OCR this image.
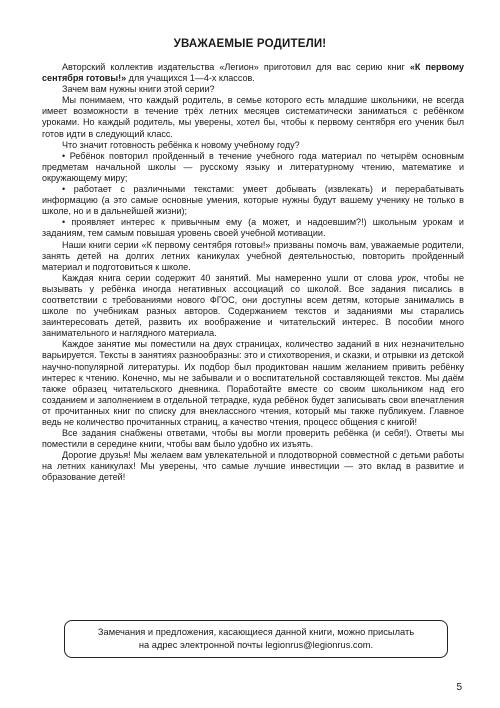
УВАЖАЕМЫЕ РОДИТЕЛИ!

Авторский коллектив издательства «Легион» приготовил для вас серию книг «К первому сентября готовы!» для учащихся 1—4-х классов.

Зачем вам нужны книги этой серии?

Мы понимаем, что каждый родитель, в семье которого есть младшие школьники, не всегда имеет возможности в течение трёх летних месяцев систематически заниматься с ребёнком уроками. Но каждый родитель, мы уверены, хотел бы, чтобы к первому сентября его ученик был готов идти в следующий класс.

Что значит готовность ребёнка к новому учебному году?

• Ребёнок повторил пройденный в течение учебного года материал по четырём основным предметам начальной школы — русскому языку и литературному чтению, математике и окружающему миру;

• работает с различными текстами: умеет добывать (извлекать) и перерабатывать информацию (а это самые основные умения, которые нужны будут вашему ученику не только в школе, но и в дальнейшей жизни);

• проявляет интерес к привычным ему (а может, и надоевшим?!) школьным урокам и заданиям, тем самым повышая уровень своей учебной мотивации.

Наши книги серии «К первому сентября готовы!» призваны помочь вам, уважаемые родители, занять детей на долгих летних каникулах учебной деятельностью, повторить пройденный материал и подготовиться к школе.

Каждая книга серии содержит 40 занятий. Мы намеренно ушли от слова урок, чтобы не вызывать у ребёнка иногда негативных ассоциаций со школой. Все задания писались в соответствии с требованиями нового ФГОС, они доступны всем детям, которые занимались в школе по учебникам разных авторов. Содержанием текстов и заданиями мы старались заинтересовать детей, развить их воображение и читательский интерес. В пособии много занимательного и наглядного материала.

Каждое занятие мы поместили на двух страницах, количество заданий в них незначительно варьируется. Тексты в занятиях разнообразны: это и стихотворения, и сказки, и отрывки из детской научно-популярной литературы. Их подбор был продиктован нашим желанием привить ребёнку интерес к чтению. Конечно, мы не забывали и о воспитательной составляющей текстов. Мы даём также образец читательского дневника. Поработайте вместе со своим школьником над его созданием и заполнением в отдельной тетрадке, куда ребёнок будет записывать свои впечатления от прочитанных книг по списку для внеклассного чтения, который мы также публикуем. Главное ведь не количество прочитанных страниц, а качество чтения, процесс общения с книгой!

Все задания снабжены ответами, чтобы вы могли проверить ребёнка (и себя!). Ответы мы поместили в середине книги, чтобы вам было удобно их изъять.

Дорогие друзья! Мы желаем вам увлекательной и плодотворной совместной с детьми работы на летних каникулах! Мы уверены, что самые лучшие инвестиции — это вклад в развитие и образование детей!

Замечания и предложения, касающиеся данной книги, можно присылать
на адрес электронной почты legionrus@legionrus.com.
5
